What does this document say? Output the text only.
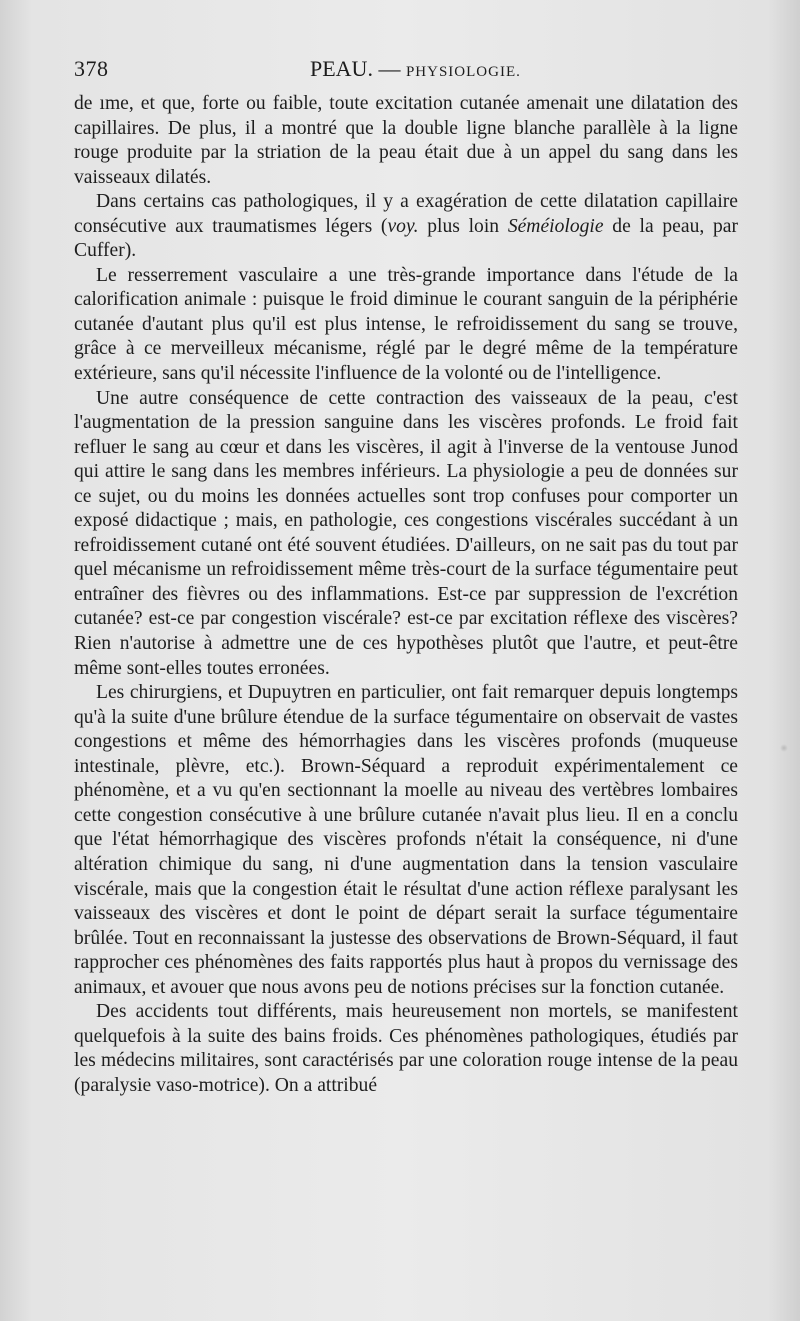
378	PEAU. — PHYSIOLOGIE.

de ıme, et que, forte ou faible, toute excitation cutanée amenait une dilatation des capillaires. De plus, il a montré que la double ligne blanche parallèle à la ligne rouge produite par la striation de la peau était due à un appel du sang dans les vaisseaux dilatés.

Dans certains cas pathologiques, il y a exagération de cette dilatation capillaire consécutive aux traumatismes légers (voy. plus loin Séméiologie de la peau, par Cuffer).

Le resserrement vasculaire a une très-grande importance dans l'étude de la calorification animale : puisque le froid diminue le courant sanguin de la périphérie cutanée d'autant plus qu'il est plus intense, le refroidissement du sang se trouve, grâce à ce merveilleux mécanisme, réglé par le degré même de la température extérieure, sans qu'il nécessite l'influence de la volonté ou de l'intelligence.

Une autre conséquence de cette contraction des vaisseaux de la peau, c'est l'augmentation de la pression sanguine dans les viscères profonds. Le froid fait refluer le sang au cœur et dans les viscères, il agit à l'inverse de la ventouse Junod qui attire le sang dans les membres inférieurs. La physiologie a peu de données sur ce sujet, ou du moins les données actuelles sont trop confuses pour comporter un exposé didactique ; mais, en pathologie, ces congestions viscérales succédant à un refroidissement cutané ont été souvent étudiées. D'ailleurs, on ne sait pas du tout par quel mécanisme un refroidissement même très-court de la surface tégumentaire peut entraîner des fièvres ou des inflammations. Est-ce par suppression de l'excrétion cutanée? est-ce par congestion viscérale? est-ce par excitation réflexe des viscères? Rien n'autorise à admettre une de ces hypothèses plutôt que l'autre, et peut-être même sont-elles toutes erronées.

Les chirurgiens, et Dupuytren en particulier, ont fait remarquer depuis longtemps qu'à la suite d'une brûlure étendue de la surface tégumentaire on observait de vastes congestions et même des hémorrhagies dans les viscères profonds (muqueuse intestinale, plèvre, etc.). Brown-Séquard a reproduit expérimentalement ce phénomène, et a vu qu'en sectionnant la moelle au niveau des vertèbres lombaires cette congestion consécutive à une brûlure cutanée n'avait plus lieu. Il en a conclu que l'état hémorrhagique des viscères profonds n'était la conséquence, ni d'une altération chimique du sang, ni d'une augmentation dans la tension vasculaire viscérale, mais que la congestion était le résultat d'une action réflexe paralysant les vaisseaux des viscères et dont le point de départ serait la surface tégumentaire brûlée. Tout en reconnaissant la justesse des observations de Brown-Séquard, il faut rapprocher ces phénomènes des faits rapportés plus haut à propos du vernissage des animaux, et avouer que nous avons peu de notions précises sur la fonction cutanée.

Des accidents tout différents, mais heureusement non mortels, se manifestent quelquefois à la suite des bains froids. Ces phénomènes pathologiques, étudiés par les médecins militaires, sont caractérisés par une coloration rouge intense de la peau (paralysie vaso-motrice). On a attribué
